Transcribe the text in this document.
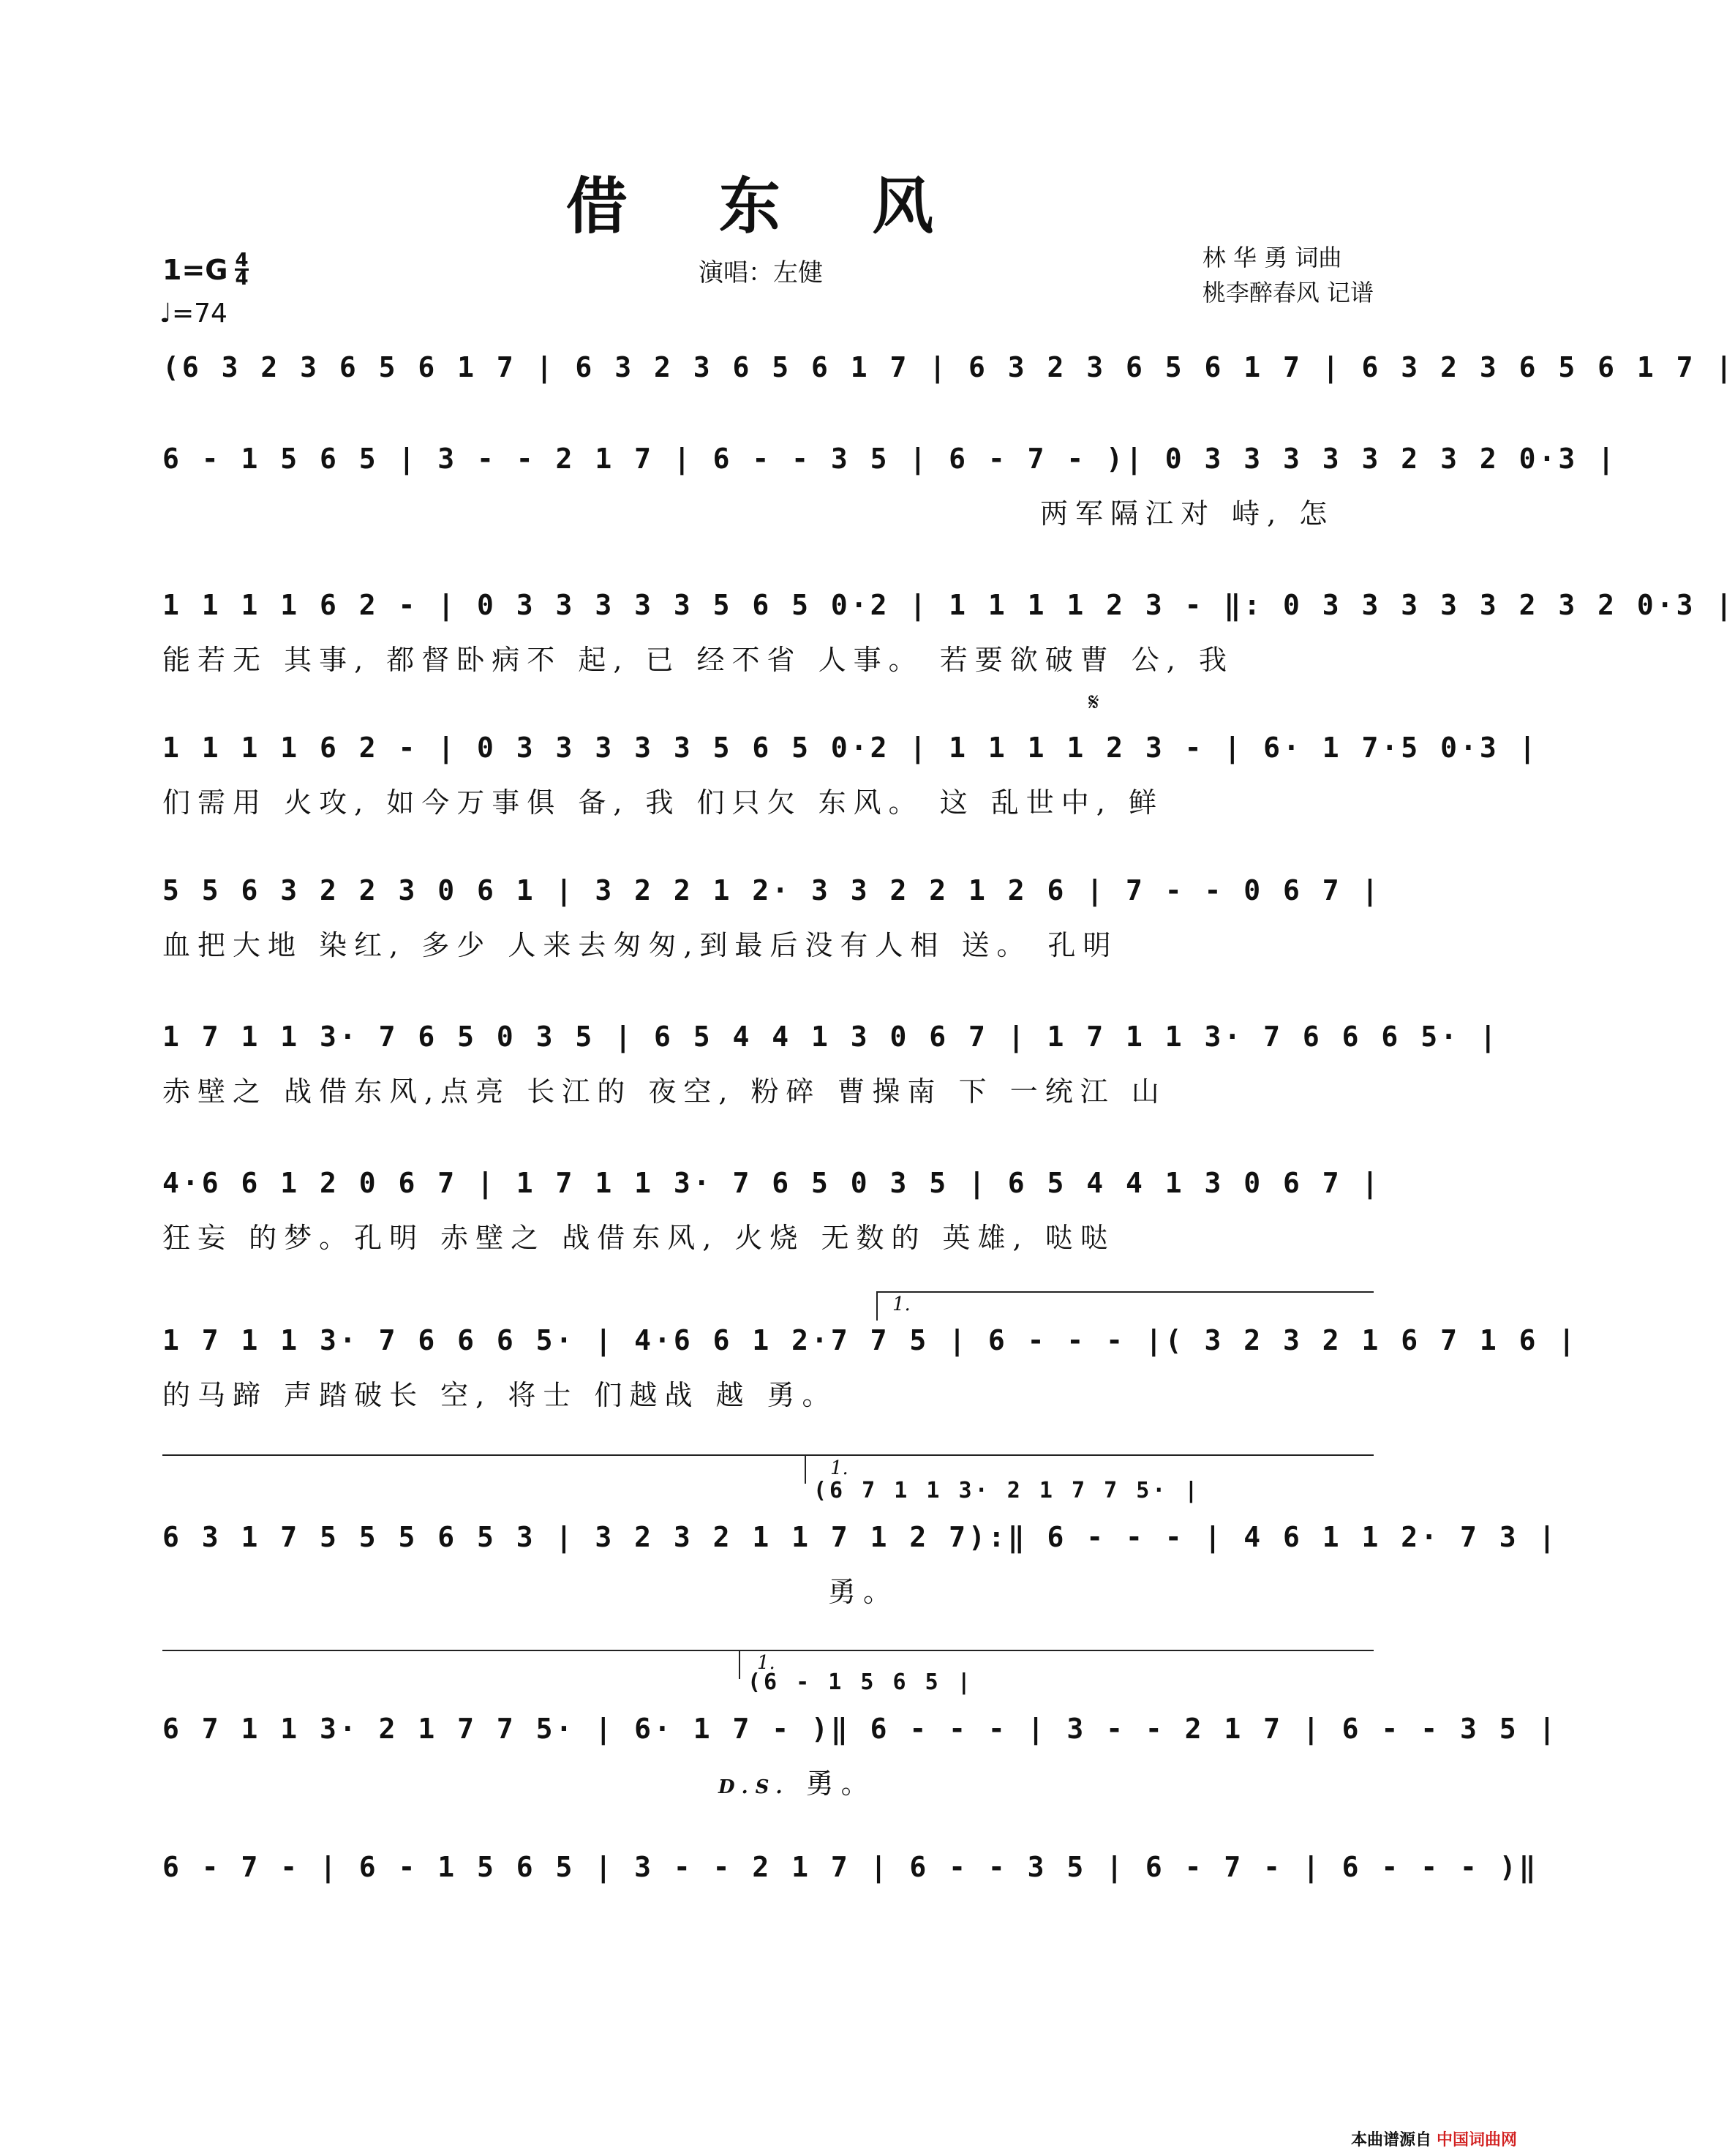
借 东 风
$1=G \frac{4}{4}$
♩=74
演唱：左健
林 华 勇 词曲
桃李醉春风 记谱
(6 3 2 3 6 5 6 1 7 | 6 3 2 3 6 5 6 1 7 | 6 3 2 3 6 5 6 1 7 | 6 3 2 3 6 5 6 1 7 |
6 - 1 5 6 5 | 3 - - 2 1 7 | 6 - - 3 5 | 6 - 7 - )| 0 3 3 3 3 3 2 3 2 0·3 |
两军隔江对 峙, 怎
1 1 1 1 6 2 - | 0 3 3 3 3 3 5 6 5 0·2 | 1 1 1 1 2 3 - ‖: 0 3 3 3 3 3 2 3 2 0·3 |
能若无 其事, 都督卧病不 起, 已 经不省 人事。 若要欲破曹 公, 我
𝄋
1 1 1 1 6 2 - | 0 3 3 3 3 3 5 6 5 0·2 | 1 1 1 1 2 3 - | 6· 1 7·5 0·3 |
们需用 火攻, 如今万事俱 备, 我 们只欠 东风。 这 乱世中, 鲜
5 5 6 3 2 2 3 0 6 1 | 3 2 2 1 2· 3 3 2 2 1 2 6 | 7 - - 0 6 7 |
血把大地 染红, 多少 人来去匆匆,到最后没有人相 送。 孔明
1 7 1 1 3· 7 6 5 0 3 5 | 6 5 4 4 1 3 0 6 7 | 1 7 1 1 3· 7 6 6 6 5· |
赤壁之 战借东风,点亮 长江的 夜空, 粉碎 曹操南 下 一统江 山
4·6 6 1 2 0 6 7 | 1 7 1 1 3· 7 6 5 0 3 5 | 6 5 4 4 1 3 0 6 7 |
狂妄 的梦。孔明 赤壁之 战借东风, 火烧 无数的 英雄, 哒哒
1.
1 7 1 1 3· 7 6 6 6 5· | 4·6 6 1 2·7 7 5 | 6 - - - |( 3 2 3 2 1 6 7 1 6 |
的马蹄 声踏破长 空, 将士 们越战 越 勇。
1.
(6 7 1 1 3· 2 1 7 7 5· |
6 3 1 7 5 5 5 6 5 3 | 3 2 3 2 1 1 7 1 2 7):‖ 6 - - - | 4 6 1 1 2· 7 3 |
勇。
1.
(6 - 1 5 6 5 |
6 7 1 1 3· 2 1 7 7 5· | 6· 1 7 - )‖ 6 - - - | 3 - - 2 1 7 | 6 - - 3 5 |
D.S. 勇。
6 - 7 - | 6 - 1 5 6 5 | 3 - - 2 1 7 | 6 - - 3 5 | 6 - 7 - | 6 - - - )‖
本曲谱源自 中国词曲网
